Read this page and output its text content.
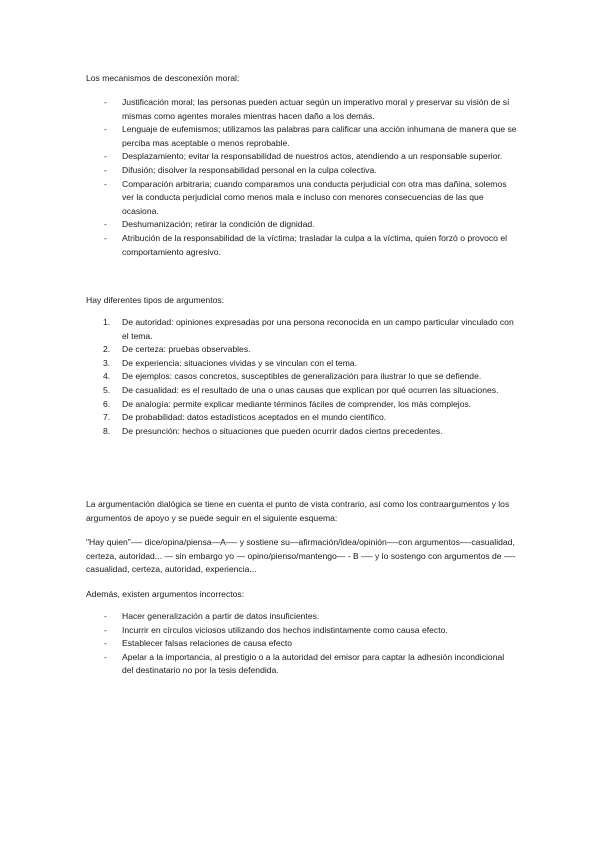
Los mecanismos de desconexión moral:

-	Justificación moral; las personas pueden actuar según un imperativo moral y preservar su visión de sí mismas como agentes morales mientras hacen daño a los demás.
-	Lenguaje de eufemismos; utilizamos las palabras para calificar una acción inhumana de manera que se perciba mas aceptable o menos reprobable.
-	Desplazamiento; evitar la responsabilidad de nuestros actos, atendiendo a un responsable superior.
-	Difusión; disolver la responsabilidad personal en la culpa colectiva.
-	Comparación arbitraria; cuando comparamos una conducta perjudicial con otra mas dañina, solemos ver la conducta perjudicial como menos mala e incluso con menores consecuencias de las que ocasiona.
-	Deshumanización; retirar la condición de dignidad.
-	Atribución de la responsabilidad de la víctima; trasladar la culpa a la víctima, quien forzó o provoco el comportamiento agresivo.

Hay diferentes tipos de argumentos:

1.	De autoridad: opiniones expresadas por una persona reconocida en un campo particular vinculado con el tema.
2.	De certeza: pruebas observables.
3.	De experiencia: situaciones vividas y se vinculan con el tema.
4.	De ejemplos: casos concretos, susceptibles de generalización para ilustrar lo que se defiende.
5.	De casualidad: es el resultado de una o unas causas que explican por qué ocurren las situaciones.
6.	De analogía: permite explicar mediante términos fáciles de comprender, los más complejos.
7.	De probabilidad: datos estadísticos aceptados en el mundo científico.
8.	De presunción: hechos o situaciones que pueden ocurrir dados ciertos precedentes.

La argumentación dialógica se tiene en cuenta el punto de vista contrario, así como los contraargumentos y los argumentos de apoyo y se puede seguir en el siguiente esquema:

"Hay quien"-— dice/opina/piensa—A—- y sostiene su—afirmación/idea/opinión—-con argumentos—-casualidad, certeza, autoridad... — sin embargo yo — opino/pienso/mantengo— - B -— y lo sostengo con argumentos de —- casualidad, certeza, autoridad, experiencia...

Además, existen argumentos incorrectos:

-	Hacer generalización a partir de datos insuficientes.
-	Incurrir en círculos viciosos utilizando dos hechos indistintamente como causa efecto.
-	Establecer falsas relaciones de causa efecto
-	Apelar a la importancia, al prestigio o a la autoridad del emisor para captar la adhesión incondicional del destinatario no por la tesis defendida.
